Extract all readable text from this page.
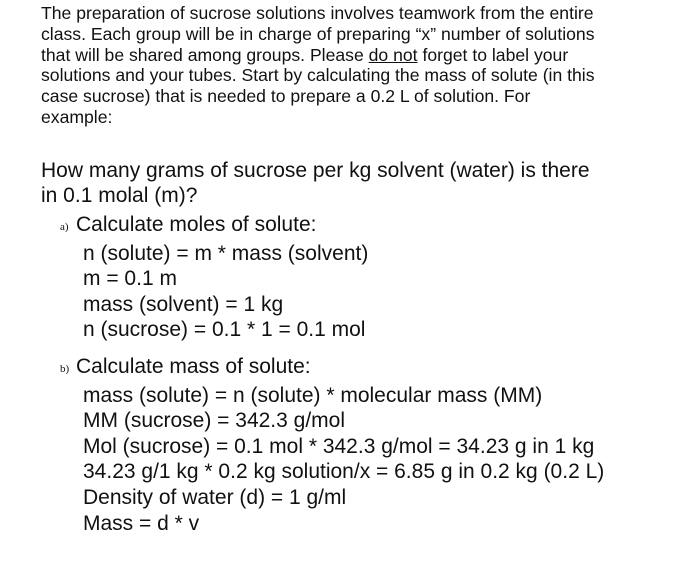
The preparation of sucrose solutions involves teamwork from the entire
class. Each group will be in charge of preparing “x” number of solutions
that will be shared among groups. Please do not forget to label your
solutions and your tubes. Start by calculating the mass of solute (in this
case sucrose) that is needed to prepare a 0.2 L of solution. For
example:
How many grams of sucrose per kg solvent (water) is there
in 0.1 molal (m)?
a) Calculate moles of solute:
n (solute) = m * mass (solvent)
m = 0.1 m
mass (solvent) = 1 kg
n (sucrose) = 0.1 * 1 = 0.1 mol
b) Calculate mass of solute:
mass (solute) = n (solute) * molecular mass (MM)
MM (sucrose) = 342.3 g/mol
Mol (sucrose) = 0.1 mol * 342.3 g/mol = 34.23 g in 1 kg
34.23 g/1 kg * 0.2 kg solution/x = 6.85 g in 0.2 kg (0.2 L)
Density of water (d) = 1 g/ml
Mass = d * v
